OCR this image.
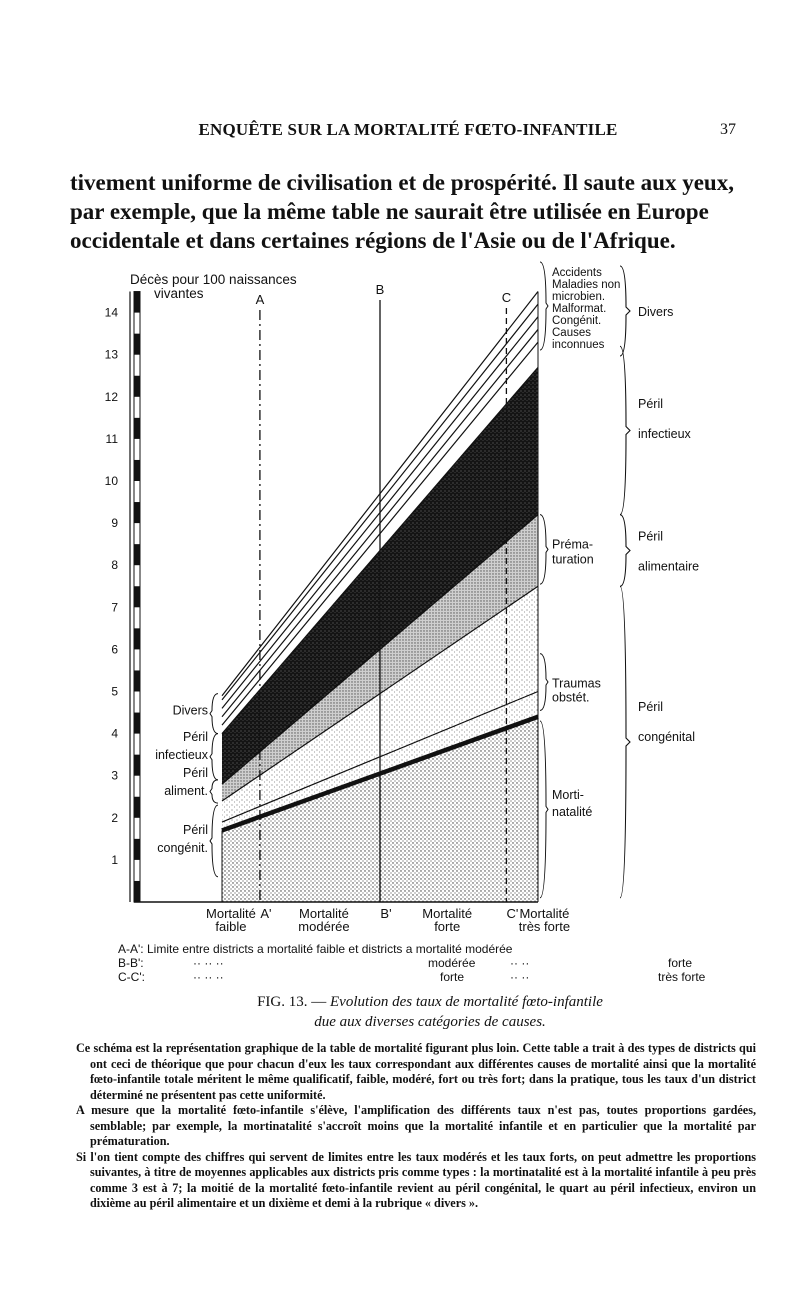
ENQUÊTE SUR LA MORTALITÉ FŒTO-INFANTILE	37
tivement uniforme de civilisation et de prospérité. Il saute aux yeux,
par exemple, que la même table ne saurait être utilisée en Europe
occidentale et dans certaines régions de l'Asie ou de l'Afrique.
1
2
3
4
5
6
7
8
9
10
11
12
13
14
Décès pour 100 naissances
vivantes	A
A'
B
B'
C
C'
Mortalité
faible
Mortalité
modérée
Mortalité
forte
Mortalité
très forte
Divers
Péril
infectieux
Péril
aliment.
Péril
congénit.
Accidents
Maladies non
microbien.
Malformat.
Congénit.
Causes
inconnues
Préma-
turation
Traumas
obstét.
Morti-
natalité
Divers
Péril
infectieux
Péril
alimentaire
Péril
congénital
A-A': Limite entre districts a mortalité faible et districts a mortalité modérée
B-B':	·· ·· ··	modérée	·· ··	forte
C-C':	·· ·· ··	forte	·· ··	très forte
FIG. 13. — Evolution des taux de mortalité fœto-infantile
due aux diverses catégories de causes.

Ce schéma est la représentation graphique de la table de mortalité figurant plus loin. Cette table a trait à des types de districts qui ont ceci de théorique que pour chacun d'eux les taux correspondant aux différentes causes de mortalité ainsi que la mortalité fœto-infantile totale méritent le même qualificatif, faible, modéré, fort ou très fort; dans la pratique, tous les taux d'un district déterminé ne présentent pas cette uniformité.

A mesure que la mortalité fœto-infantile s'élève, l'amplification des différents taux n'est pas, toutes proportions gardées, semblable; par exemple, la mortinatalité s'accroît moins que la mortalité infantile et en particulier que la mortalité par prématuration.

Si l'on tient compte des chiffres qui servent de limites entre les taux modérés et les taux forts, on peut admettre les proportions suivantes, à titre de moyennes applicables aux districts pris comme types : la mortinatalité est à la mortalité infantile à peu près comme 3 est à 7; la moitié de la mortalité fœto-infantile revient au péril congénital, le quart au péril infectieux, environ un dixième au péril alimentaire et un dixième et demi à la rubrique « divers ».
